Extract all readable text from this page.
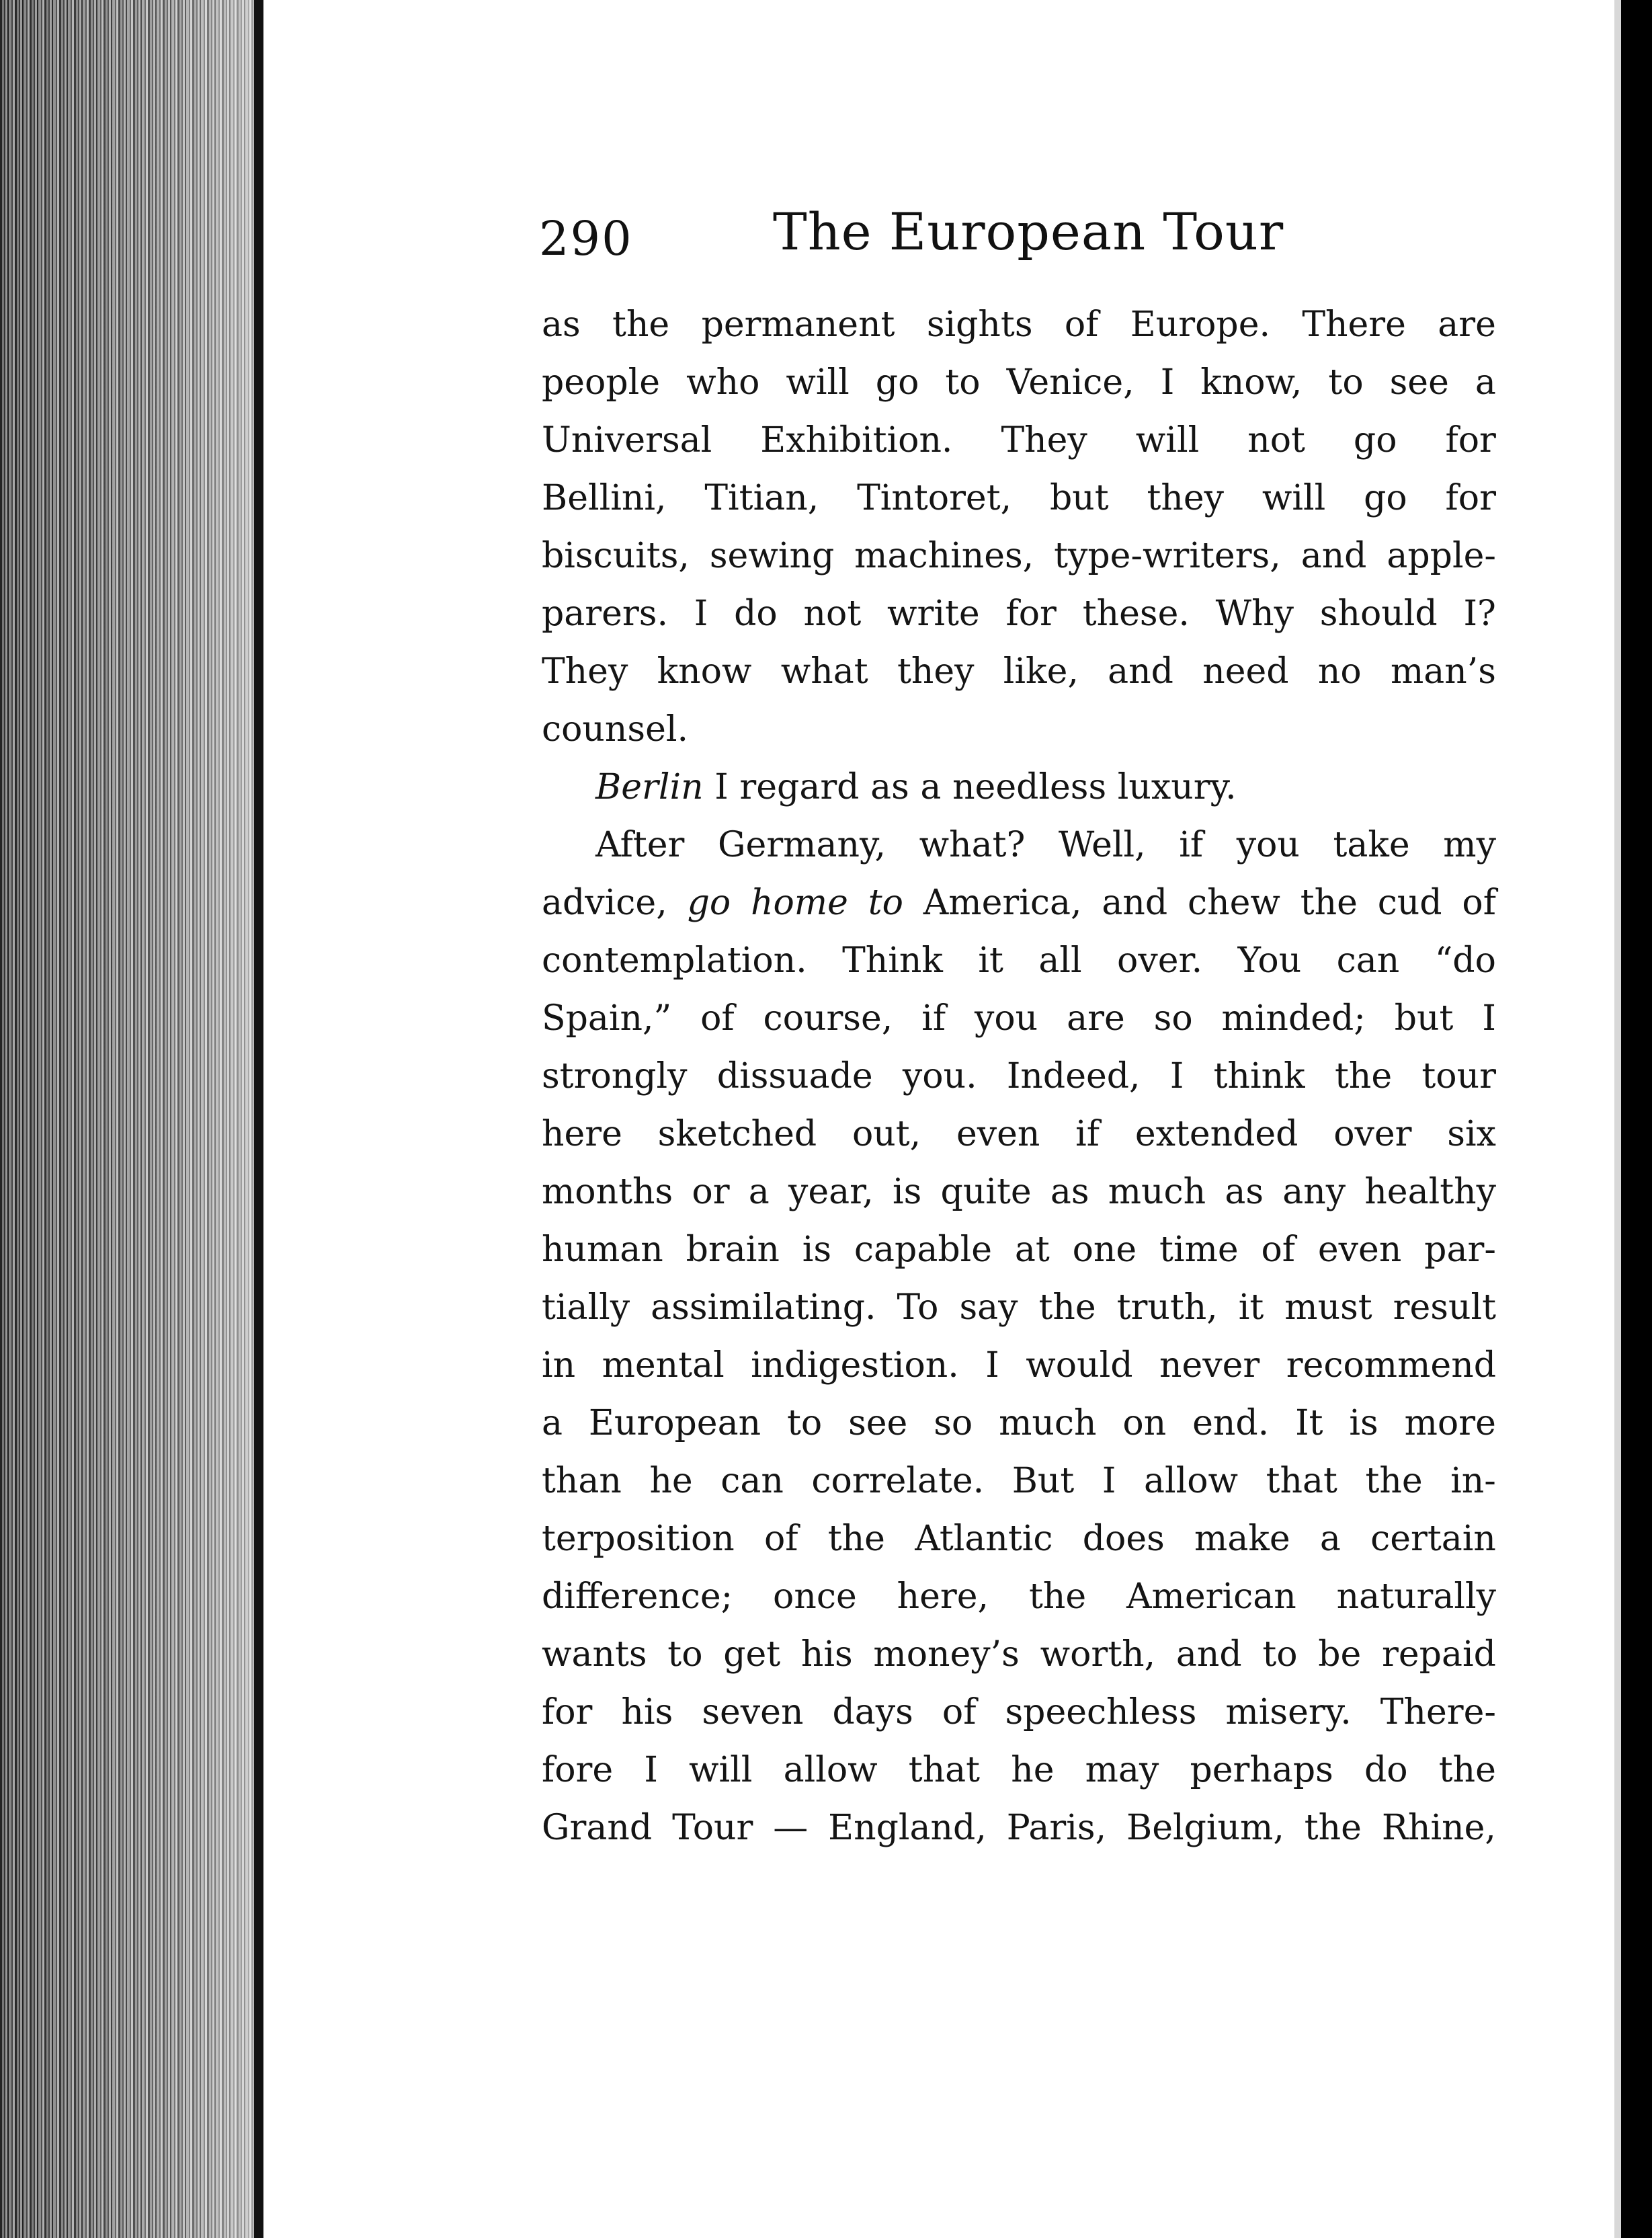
290	The European Tour
as the permanent sights of Europe. There are
people who will go to Venice, I know, to see a
Universal Exhibition. They will not go for
Bellini, Titian, Tintoret, but they will go for
biscuits, sewing machines, type-writers, and apple-
parers. I do not write for these. Why should I?
They know what they like, and need no man’s
counsel.
Berlin I regard as a needless luxury.
After Germany, what? Well, if you take my
advice, go home to America, and chew the cud of
contemplation. Think it all over. You can “do
Spain,” of course, if you are so minded; but I
strongly dissuade you. Indeed, I think the tour
here sketched out, even if extended over six
months or a year, is quite as much as any healthy
human brain is capable at one time of even par-
tially assimilating. To say the truth, it must result
in mental indigestion. I would never recommend
a European to see so much on end. It is more
than he can correlate. But I allow that the in-
terposition of the Atlantic does make a certain
difference; once here, the American naturally
wants to get his money’s worth, and to be repaid
for his seven days of speechless misery. There-
fore I will allow that he may perhaps do the
Grand Tour — England, Paris, Belgium, the Rhine,
